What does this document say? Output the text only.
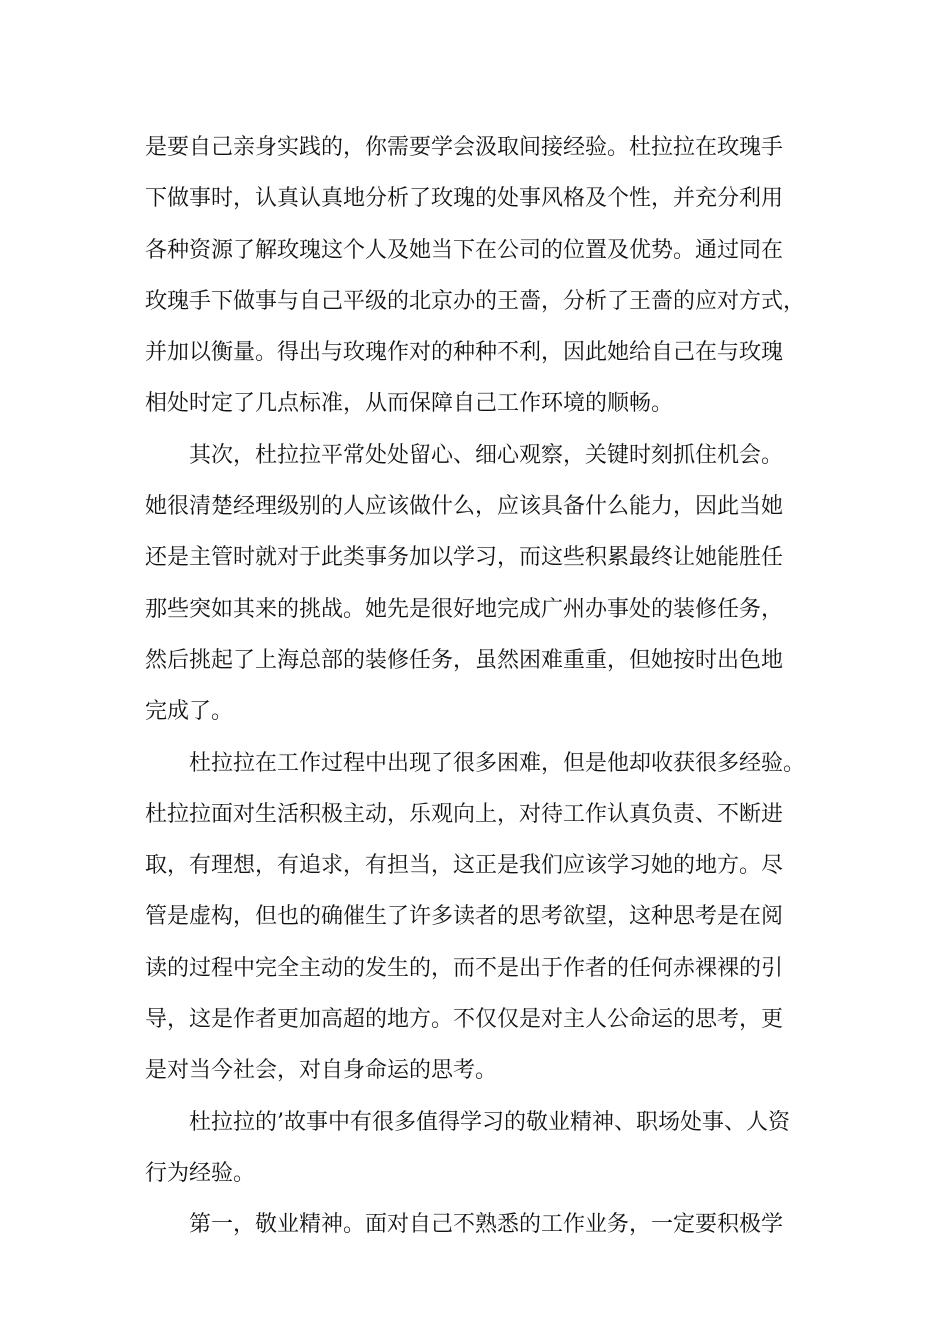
是要自己亲身实践的，你需要学会汲取间接经验。杜拉拉在玫瑰手
下做事时，认真认真地分析了玫瑰的处事风格及个性，并充分利用
各种资源了解玫瑰这个人及她当下在公司的位置及优势。通过同在
玫瑰手下做事与自己平级的北京办的王嗇，分析了王嗇的应对方式，
并加以衡量。得出与玫瑰作对的种种不利，因此她给自己在与玫瑰
相处时定了几点标准，从而保障自己工作环境的顺畅。
其次，杜拉拉平常处处留心、细心观察，关键时刻抓住机会。
她很清楚经理级别的人应该做什么，应该具备什么能力，因此当她
还是主管时就对于此类事务加以学习，而这些积累最终让她能胜任
那些突如其来的挑战。她先是很好地完成广州办事处的装修任务，
然后挑起了上海总部的装修任务，虽然困难重重，但她按时出色地
完成了。
杜拉拉在工作过程中出现了很多困难，但是他却收获很多经验。
杜拉拉面对生活积极主动，乐观向上，对待工作认真负责、不断进
取，有理想，有追求，有担当，这正是我们应该学习她的地方。尽
管是虚构，但也的确催生了许多读者的思考欲望，这种思考是在阅
读的过程中完全主动的发生的，而不是出于作者的任何赤裸裸的引
导，这是作者更加高超的地方。不仅仅是对主人公命运的思考，更
是对当今社会，对自身命运的思考。
杜拉拉的’故事中有很多值得学习的敬业精神、职场处事、人资
行为经验。
第一，敬业精神。面对自己不熟悉的工作业务，一定要积极学
